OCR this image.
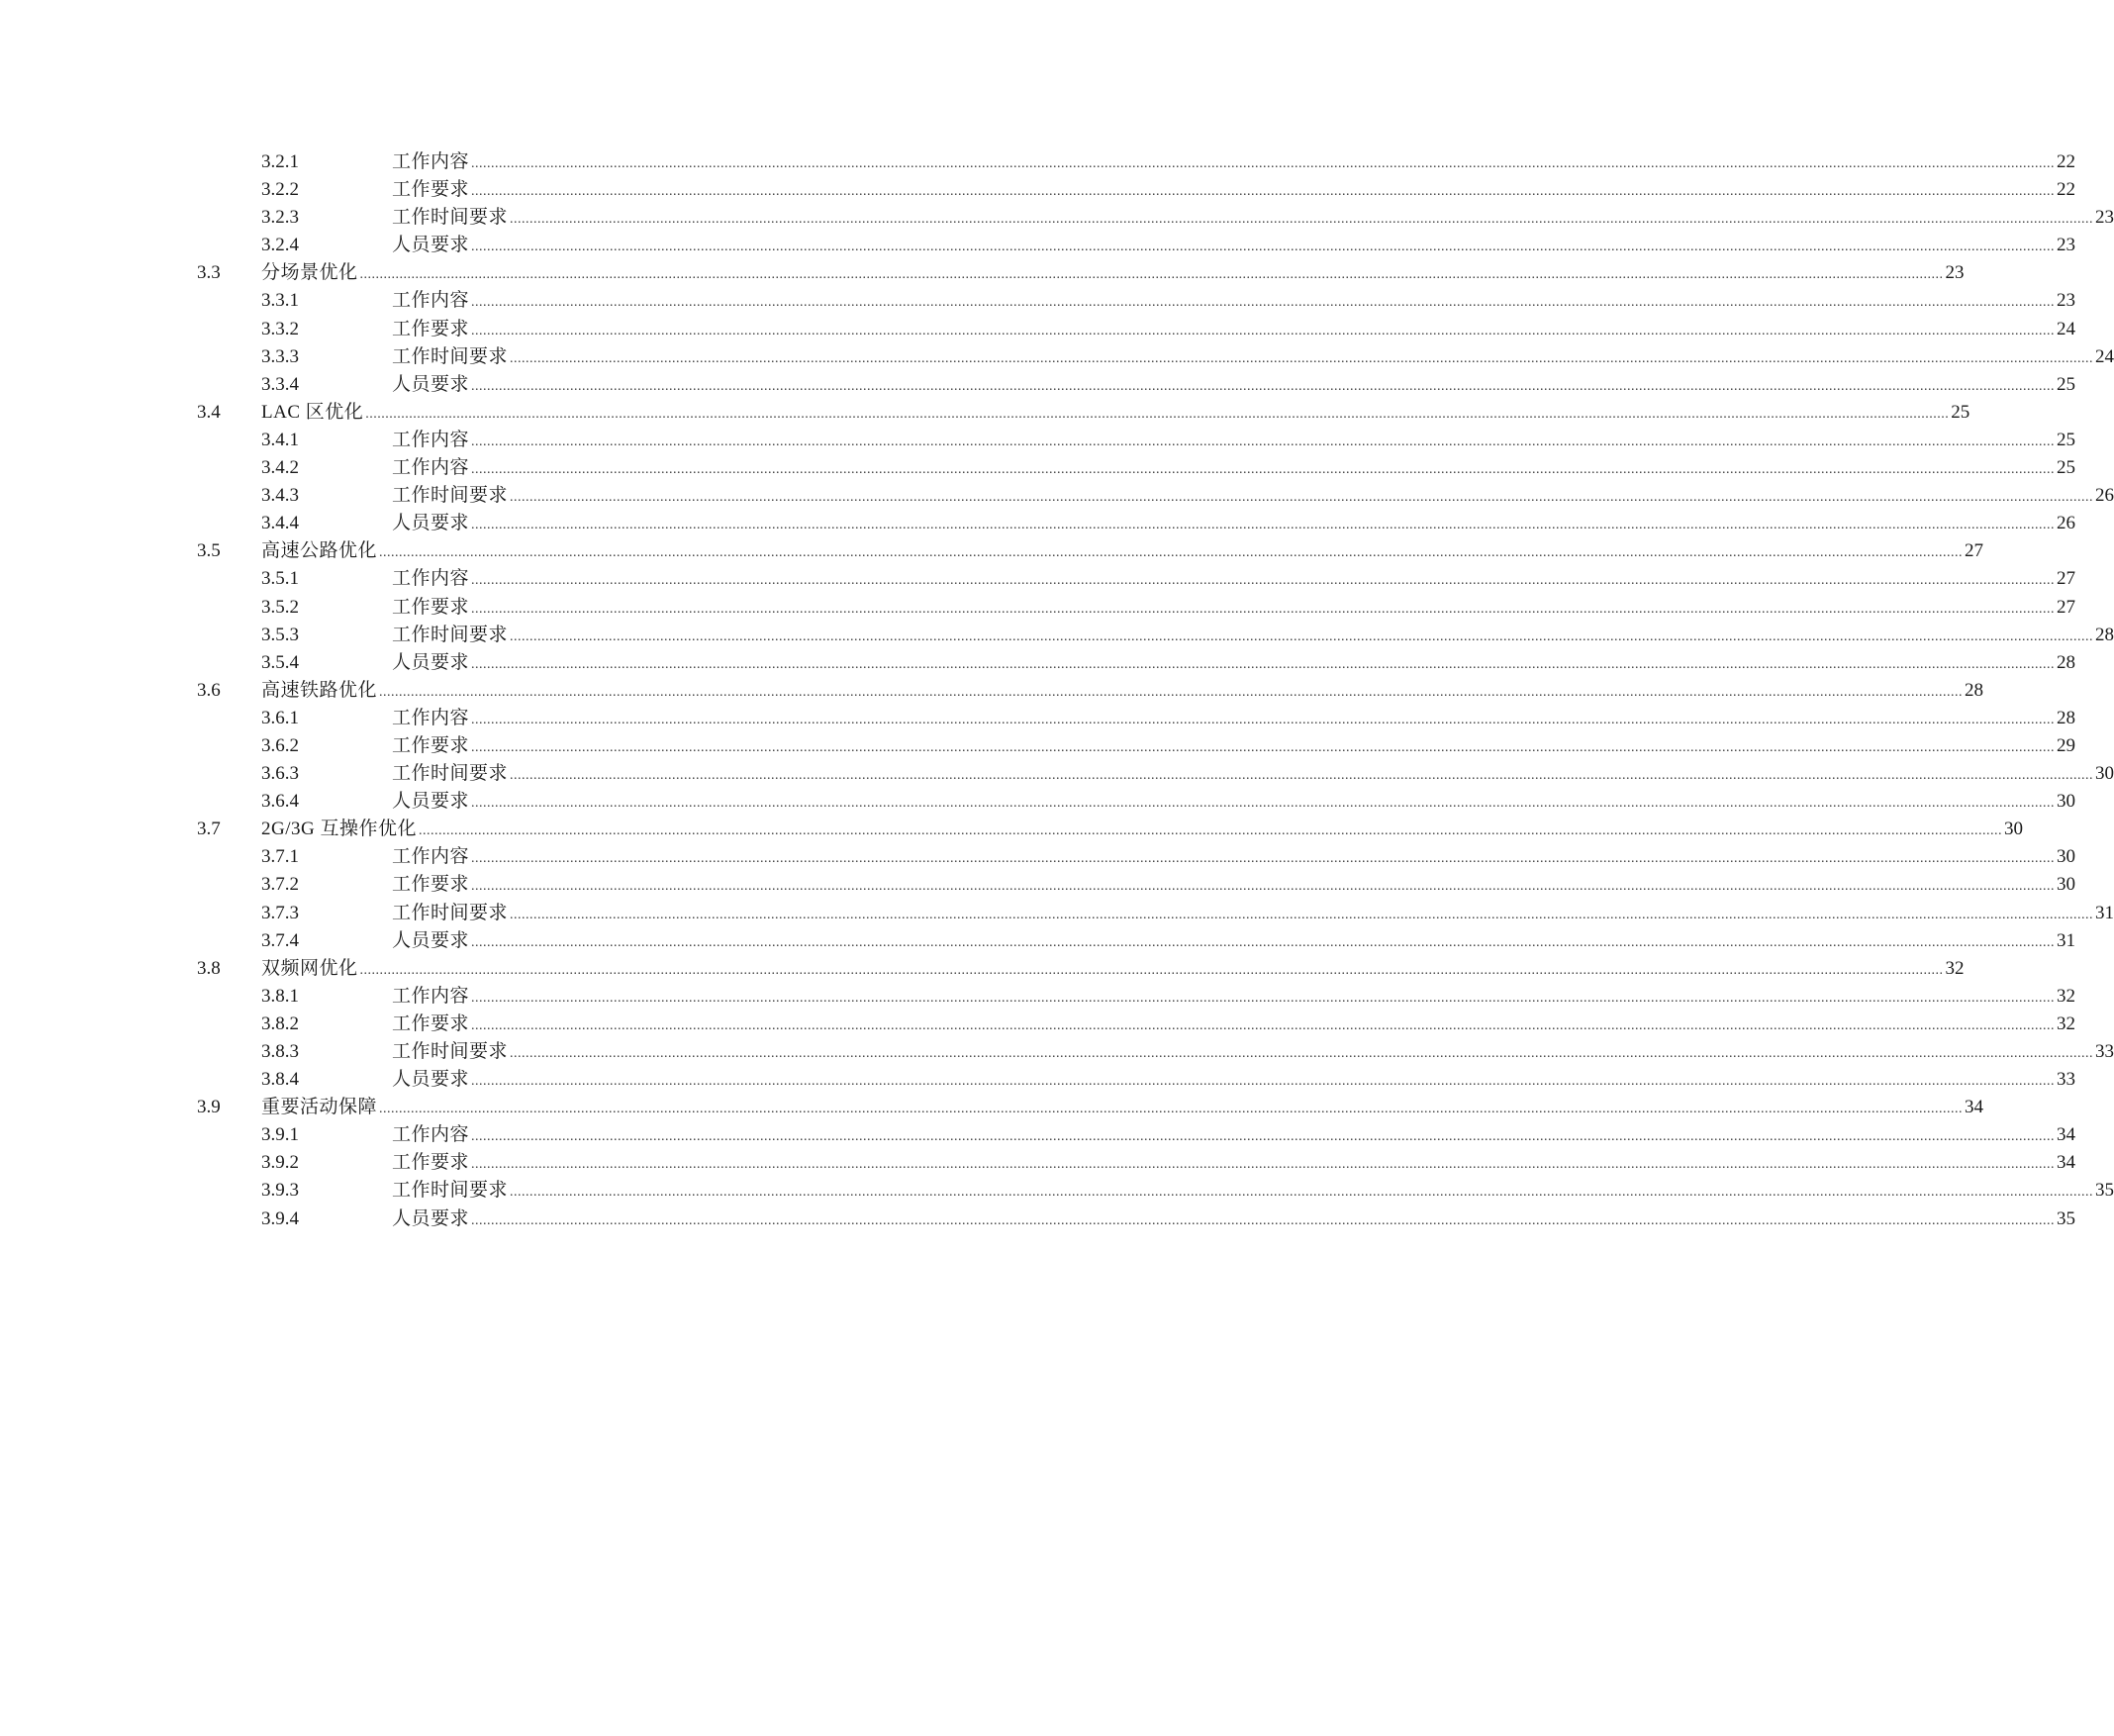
3.2.1	工作内容 ................................................................................................................................................................................................................................................................................................................................................................................................................ 22
3.2.2	工作要求 ................................................................................................................................................................................................................................................................................................................................................................................................................ 22
3.2.3	工作时间要求 ................................................................................................................................................................................................................................................................................................................................................................................................................ 23
3.2.4	人员要求 ................................................................................................................................................................................................................................................................................................................................................................................................................ 23
3.3 分场景优化 ................................................................................................................................................................................................................................................................................................................................................................................................................ 23
3.3.1	工作内容 ................................................................................................................................................................................................................................................................................................................................................................................................................ 23
3.3.2	工作要求 ................................................................................................................................................................................................................................................................................................................................................................................................................ 24
3.3.3	工作时间要求 ................................................................................................................................................................................................................................................................................................................................................................................................................ 24
3.3.4	人员要求 ................................................................................................................................................................................................................................................................................................................................................................................................................ 25
3.4 LAC 区优化 ................................................................................................................................................................................................................................................................................................................................................................................................................ 25
3.4.1	工作内容 ................................................................................................................................................................................................................................................................................................................................................................................................................ 25
3.4.2	工作内容 ................................................................................................................................................................................................................................................................................................................................................................................................................ 25
3.4.3	工作时间要求 ................................................................................................................................................................................................................................................................................................................................................................................................................ 26
3.4.4	人员要求 ................................................................................................................................................................................................................................................................................................................................................................................................................ 26
3.5 高速公路优化 ................................................................................................................................................................................................................................................................................................................................................................................................................ 27
3.5.1	工作内容 ................................................................................................................................................................................................................................................................................................................................................................................................................ 27
3.5.2	工作要求 ................................................................................................................................................................................................................................................................................................................................................................................................................ 27
3.5.3	工作时间要求 ................................................................................................................................................................................................................................................................................................................................................................................................................ 28
3.5.4	人员要求 ................................................................................................................................................................................................................................................................................................................................................................................................................ 28
3.6 高速铁路优化 ................................................................................................................................................................................................................................................................................................................................................................................................................ 28
3.6.1	工作内容 ................................................................................................................................................................................................................................................................................................................................................................................................................ 28
3.6.2	工作要求 ................................................................................................................................................................................................................................................................................................................................................................................................................ 29
3.6.3	工作时间要求 ................................................................................................................................................................................................................................................................................................................................................................................................................ 30
3.6.4	人员要求 ................................................................................................................................................................................................................................................................................................................................................................................................................ 30
3.7 2G/3G 互操作优化 ................................................................................................................................................................................................................................................................................................................................................................................................................ 30
3.7.1	工作内容 ................................................................................................................................................................................................................................................................................................................................................................................................................ 30
3.7.2	工作要求 ................................................................................................................................................................................................................................................................................................................................................................................................................ 30
3.7.3	工作时间要求 ................................................................................................................................................................................................................................................................................................................................................................................................................ 31
3.7.4	人员要求 ................................................................................................................................................................................................................................................................................................................................................................................................................ 31
3.8 双频网优化 ................................................................................................................................................................................................................................................................................................................................................................................................................ 32
3.8.1	工作内容 ................................................................................................................................................................................................................................................................................................................................................................................................................ 32
3.8.2	工作要求 ................................................................................................................................................................................................................................................................................................................................................................................................................ 32
3.8.3	工作时间要求 ................................................................................................................................................................................................................................................................................................................................................................................................................ 33
3.8.4	人员要求 ................................................................................................................................................................................................................................................................................................................................................................................................................ 33
3.9 重要活动保障 ................................................................................................................................................................................................................................................................................................................................................................................................................ 34
3.9.1	工作内容 ................................................................................................................................................................................................................................................................................................................................................................................................................ 34
3.9.2	工作要求 ................................................................................................................................................................................................................................................................................................................................................................................................................ 34
3.9.3	工作时间要求 ................................................................................................................................................................................................................................................................................................................................................................................................................ 35
3.9.4	人员要求 ................................................................................................................................................................................................................................................................................................................................................................................................................ 35
